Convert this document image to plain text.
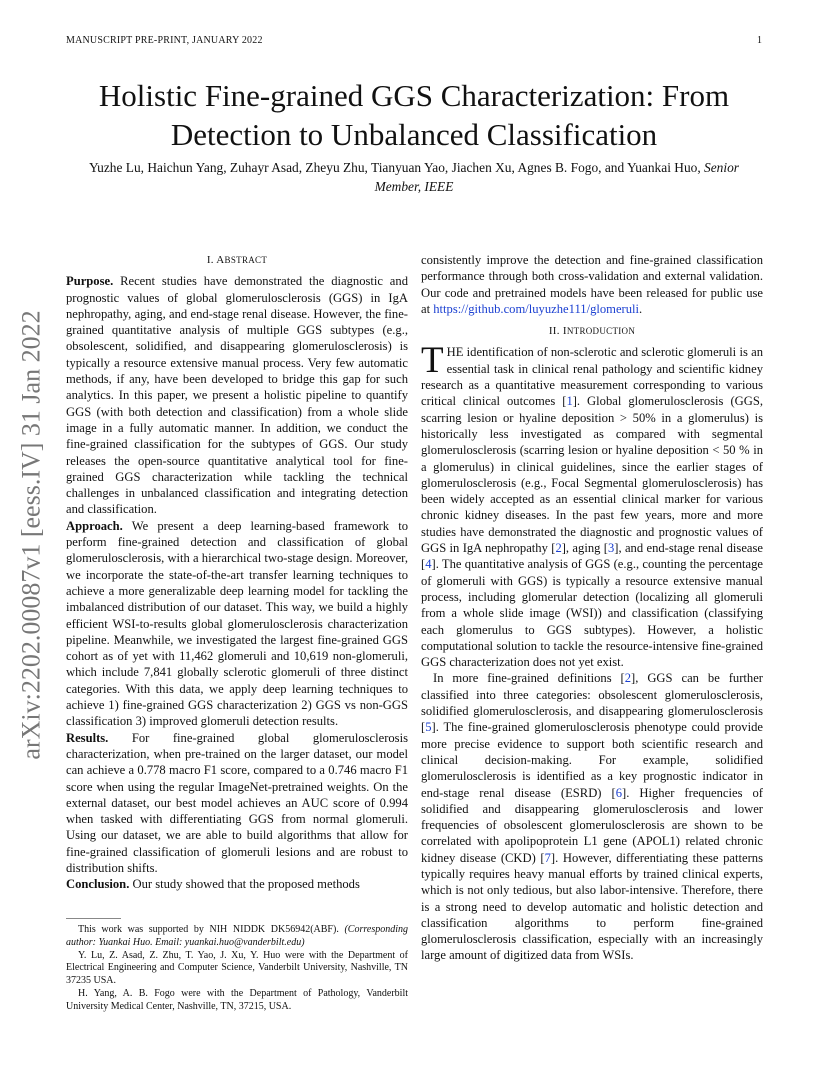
MANUSCRIPT PRE-PRINT, JANUARY 2022	1
arXiv:2202.00087v1 [eess.IV] 31 Jan 2022
Holistic Fine-grained GGS Characterization: From Detection to Unbalanced Classification
Yuzhe Lu, Haichun Yang, Zuhayr Asad, Zheyu Zhu, Tianyuan Yao, Jiachen Xu, Agnes B. Fogo, and Yuankai Huo, Senior Member, IEEE
I. ABSTRACT

Purpose. Recent studies have demonstrated the diagnostic and prognostic values of global glomerulosclerosis (GGS) in IgA nephropathy, aging, and end-stage renal disease. However, the fine-grained quantitative analysis of multiple GGS subtypes (e.g., obsolescent, solidified, and disappearing glomerulosclerosis) is typically a resource extensive manual process. Very few automatic methods, if any, have been developed to bridge this gap for such analytics. In this paper, we present a holistic pipeline to quantify GGS (with both detection and classification) from a whole slide image in a fully automatic manner. In addition, we conduct the fine-grained classification for the subtypes of GGS. Our study releases the open-source quantitative analytical tool for fine-grained GGS characterization while tackling the technical challenges in unbalanced classification and integrating detection and classification.

Approach. We present a deep learning-based framework to perform fine-grained detection and classification of global glomerulosclerosis, with a hierarchical two-stage design. Moreover, we incorporate the state-of-the-art transfer learning techniques to achieve a more generalizable deep learning model for tackling the imbalanced distribution of our dataset. This way, we build a highly efficient WSI-to-results global glomerulosclerosis characterization pipeline. Meanwhile, we investigated the largest fine-grained GGS cohort as of yet with 11,462 glomeruli and 10,619 non-glomeruli, which include 7,841 globally sclerotic glomeruli of three distinct categories. With this data, we apply deep learning techniques to achieve 1) fine-grained GGS characterization 2) GGS vs non-GGS classification 3) improved glomeruli detection results.

Results. For fine-grained global glomerulosclerosis characterization, when pre-trained on the larger dataset, our model can achieve a 0.778 macro F1 score, compared to a 0.746 macro F1 score when using the regular ImageNet-pretrained weights. On the external dataset, our best model achieves an AUC score of 0.994 when tasked with differentiating GGS from normal glomeruli. Using our dataset, we are able to build algorithms that allow for fine-grained classification of glomeruli lesions and are robust to distribution shifts.

Conclusion. Our study showed that the proposed methods

This work was supported by NIH NIDDK DK56942(ABF). (Corresponding author: Yuankai Huo. Email: yuankai.huo@vanderbilt.edu)

Y. Lu, Z. Asad, Z. Zhu, T. Yao, J. Xu, Y. Huo were with the Department of Electrical Engineering and Computer Science, Vanderbilt University, Nashville, TN 37235 USA.

H. Yang, A. B. Fogo were with the Department of Pathology, Vanderbilt University Medical Center, Nashville, TN, 37215, USA.

consistently improve the detection and fine-grained classification performance through both cross-validation and external validation. Our code and pretrained models have been released for public use at https://github.com/luyuzhe111/glomeruli.

II. INTRODUCTION

THE identification of non-sclerotic and sclerotic glomeruli is an essential task in clinical renal pathology and scientific kidney research as a quantitative measurement corresponding to various critical clinical outcomes [1]. Global glomerulosclerosis (GGS, scarring lesion or hyaline deposition > 50% in a glomerulus) is historically less investigated as compared with segmental glomerulosclerosis (scarring lesion or hyaline deposition < 50 % in a glomerulus) in clinical guidelines, since the earlier stages of glomerulosclerosis (e.g., Focal Segmental glomerulosclerosis) has been widely accepted as an essential clinical marker for various chronic kidney diseases. In the past few years, more and more studies have demonstrated the diagnostic and prognostic values of GGS in IgA nephropathy [2], aging [3], and end-stage renal disease [4]. The quantitative analysis of GGS (e.g., counting the percentage of glomeruli with GGS) is typically a resource extensive manual process, including glomerular detection (localizing all glomeruli from a whole slide image (WSI)) and classification (classifying each glomerulus to GGS subtypes). However, a holistic computational solution to tackle the resource-intensive fine-grained GGS characterization does not yet exist.

In more fine-grained definitions [2], GGS can be further classified into three categories: obsolescent glomerulosclerosis, solidified glomerulosclerosis, and disappearing glomerulosclerosis [5]. The fine-grained glomerulosclerosis phenotype could provide more precise evidence to support both scientific research and clinical decision-making. For example, solidified glomerulosclerosis is identified as a key prognostic indicator in end-stage renal disease (ESRD) [6]. Higher frequencies of solidified and disappearing glomerulosclerosis and lower frequencies of obsolescent glomerulosclerosis are shown to be correlated with apolipoprotein L1 gene (APOL1) related chronic kidney disease (CKD) [7]. However, differentiating these patterns typically requires heavy manual efforts by trained clinical experts, which is not only tedious, but also labor-intensive. Therefore, there is a strong need to develop automatic and holistic detection and classification algorithms to perform fine-grained glomerulosclerosis classification, especially with an increasingly large amount of digitized data from WSIs.
